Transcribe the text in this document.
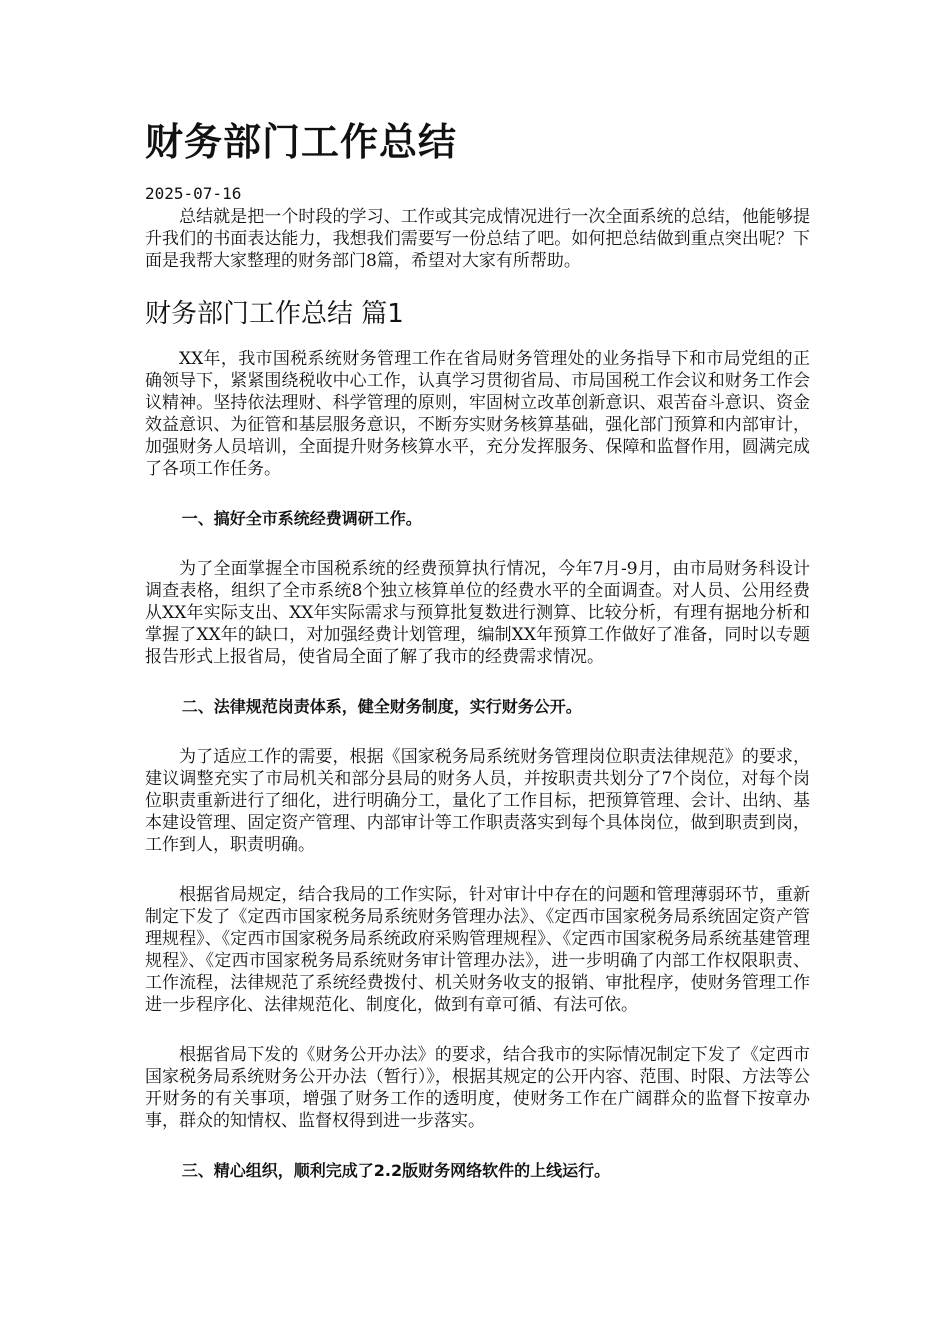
财务部门工作总结
2025-07-16

总结就是把一个时段的学习、工作或其完成情况进行一次全面系统的总结，他能够提升我们的书面表达能力，我想我们需要写一份总结了吧。如何把总结做到重点突出呢？下面是我帮大家整理的财务部门8篇，希望对大家有所帮助。

财务部门工作总结 篇1

XX年，我市国税系统财务管理工作在省局财务管理处的业务指导下和市局党组的正确领导下，紧紧围绕税收中心工作，认真学习贯彻省局、市局国税工作会议和财务工作会议精神。坚持依法理财、科学管理的原则，牢固树立改革创新意识、艰苦奋斗意识、资金效益意识、为征管和基层服务意识，不断夯实财务核算基础，强化部门预算和内部审计，加强财务人员培训，全面提升财务核算水平，充分发挥服务、保障和监督作用，圆满完成了各项工作任务。

一、搞好全市系统经费调研工作。

为了全面掌握全市国税系统的经费预算执行情况，今年7月-9月，由市局财务科设计调查表格，组织了全市系统8个独立核算单位的经费水平的全面调查。对人员、公用经费从XX年实际支出、XX年实际需求与预算批复数进行测算、比较分析，有理有据地分析和掌握了XX年的缺口，对加强经费计划管理，编制XX年预算工作做好了准备，同时以专题报告形式上报省局，使省局全面了解了我市的经费需求情况。

二、法律规范岗责体系，健全财务制度，实行财务公开。

为了适应工作的需要，根据《国家税务局系统财务管理岗位职责法律规范》的要求，建议调整充实了市局机关和部分县局的财务人员，并按职责共划分了7个岗位，对每个岗位职责重新进行了细化，进行明确分工，量化了工作目标，把预算管理、会计、出纳、基本建设管理、固定资产管理、内部审计等工作职责落实到每个具体岗位，做到职责到岗，工作到人，职责明确。

根据省局规定，结合我局的工作实际，针对审计中存在的问题和管理薄弱环节，重新制定下发了《定西市国家税务局系统财务管理办法》、《定西市国家税务局系统固定资产管理规程》、《定西市国家税务局系统政府采购管理规程》、《定西市国家税务局系统基建管理规程》、《定西市国家税务局系统财务审计管理办法》，进一步明确了内部工作权限职责、工作流程，法律规范了系统经费拨付、机关财务收支的报销、审批程序，使财务管理工作进一步程序化、法律规范化、制度化，做到有章可循、有法可依。

根据省局下发的《财务公开办法》的要求，结合我市的实际情况制定下发了《定西市国家税务局系统财务公开办法（暂行）》，根据其规定的公开内容、范围、时限、方法等公开财务的有关事项，增强了财务工作的透明度，使财务工作在广阔群众的监督下按章办事，群众的知情权、监督权得到进一步落实。

三、精心组织，顺利完成了2.2版财务网络软件的上线运行。
